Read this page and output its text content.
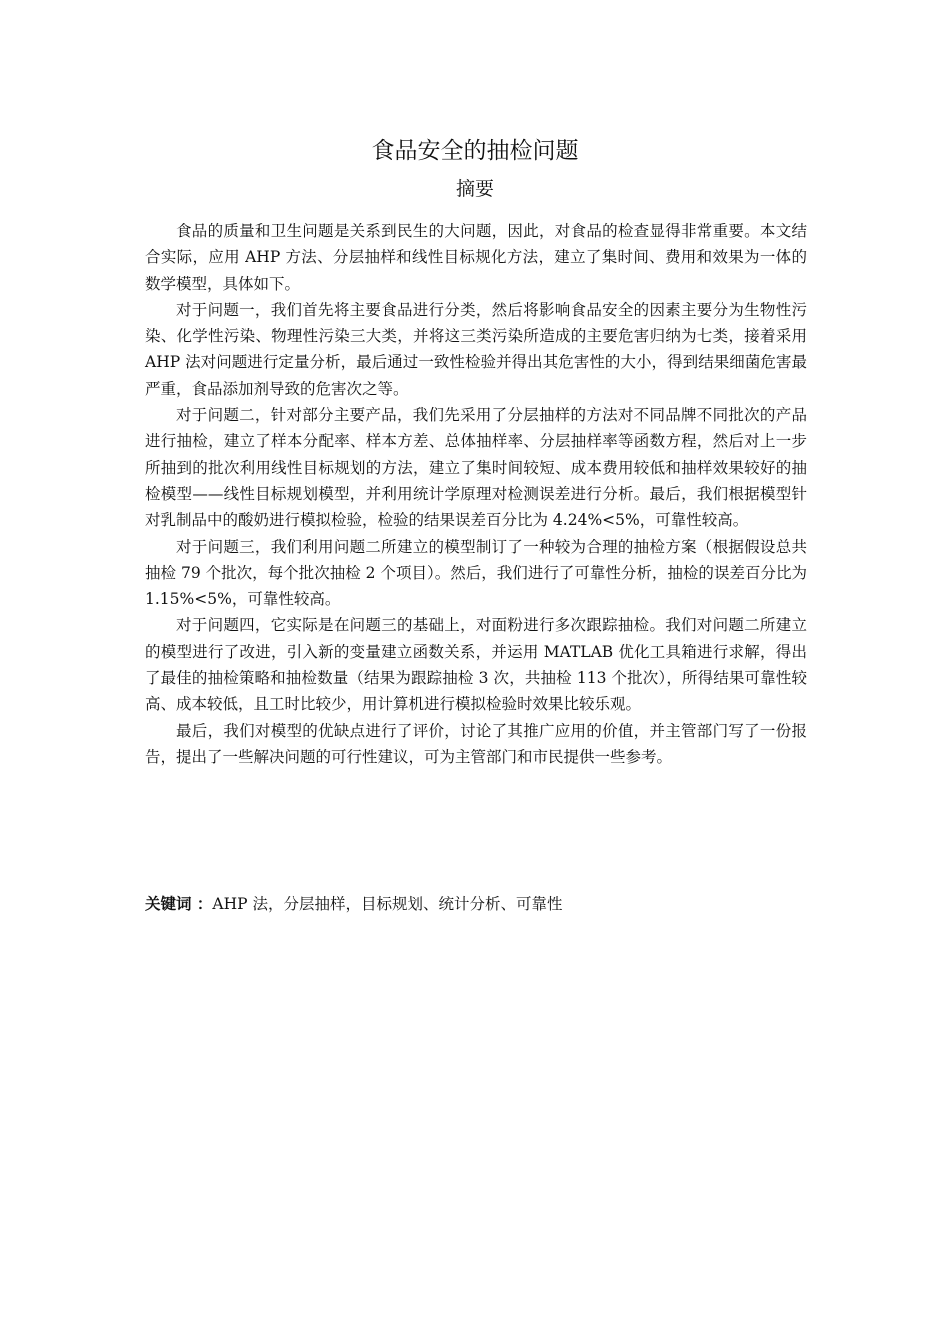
食品安全的抽检问题
摘要

食品的质量和卫生问题是关系到民生的大问题，因此，对食品的检查显得非常重要。本文结合实际，应用 AHP 方法、分层抽样和线性目标规化方法，建立了集时间、费用和效果为一体的数学模型，具体如下。

对于问题一，我们首先将主要食品进行分类，然后将影响食品安全的因素主要分为生物性污染、化学性污染、物理性污染三大类，并将这三类污染所造成的主要危害归纳为七类，接着采用 AHP 法对问题进行定量分析，最后通过一致性检验并得出其危害性的大小，得到结果细菌危害最严重，食品添加剂导致的危害次之等。

对于问题二，针对部分主要产品，我们先采用了分层抽样的方法对不同品牌不同批次的产品进行抽检，建立了样本分配率、样本方差、总体抽样率、分层抽样率等函数方程，然后对上一步所抽到的批次利用线性目标规划的方法，建立了集时间较短、成本费用较低和抽样效果较好的抽检模型——线性目标规划模型，并利用统计学原理对检测误差进行分析。最后，我们根据模型针对乳制品中的酸奶进行模拟检验，检验的结果误差百分比为 4.24%<5%，可靠性较高。

对于问题三，我们利用问题二所建立的模型制订了一种较为合理的抽检方案（根据假设总共抽检 79 个批次，每个批次抽检 2 个项目）。然后，我们进行了可靠性分析，抽检的误差百分比为 1.15%<5%，可靠性较高。

对于问题四，它实际是在问题三的基础上，对面粉进行多次跟踪抽检。我们对问题二所建立的模型进行了改进，引入新的变量建立函数关系，并运用 MATLAB 优化工具箱进行求解，得出了最佳的抽检策略和抽检数量（结果为跟踪抽检 3 次，共抽检 113 个批次），所得结果可靠性较高、成本较低，且工时比较少，用计算机进行模拟检验时效果比较乐观。

最后，我们对模型的优缺点进行了评价，讨论了其推广应用的价值，并主管部门写了一份报告，提出了一些解决问题的可行性建议，可为主管部门和市民提供一些参考。

关键词 ：AHP 法，分层抽样，目标规划、统计分析、可靠性
